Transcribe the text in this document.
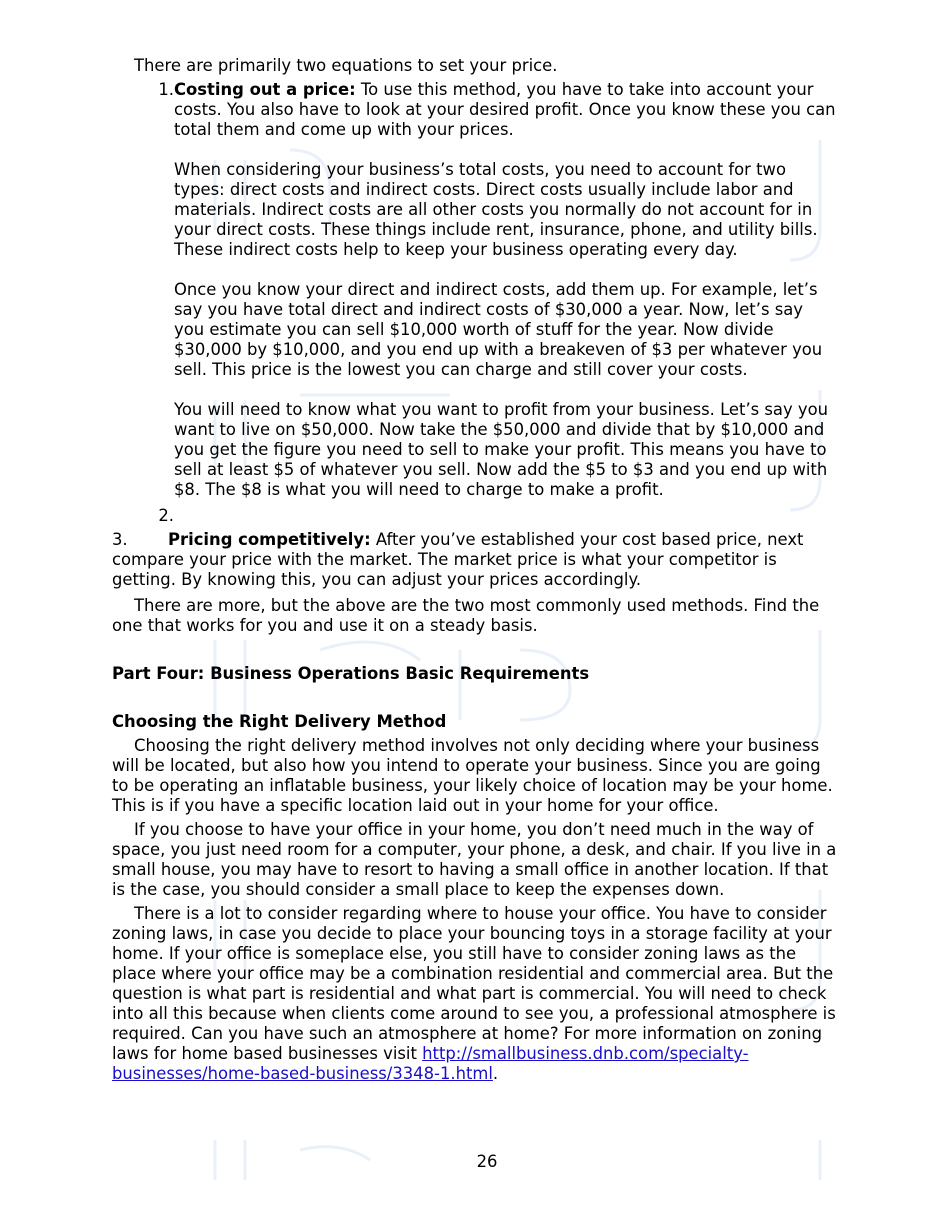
There are primarily two equations to set your price.

1. Costing out a price: To use this method, you have to take into account your costs. You also have to look at your desired profit. Once you know these you can total them and come up with your prices.

When considering your business’s total costs, you need to account for two types: direct costs and indirect costs. Direct costs usually include labor and materials. Indirect costs are all other costs you normally do not account for in your direct costs. These things include rent, insurance, phone, and utility bills. These indirect costs help to keep your business operating every day.

Once you know your direct and indirect costs, add them up. For example, let’s say you have total direct and indirect costs of $30,000 a year. Now, let’s say you estimate you can sell $10,000 worth of stuff for the year. Now divide $30,000 by $10,000, and you end up with a breakeven of $3 per whatever you sell. This price is the lowest you can charge and still cover your costs.

You will need to know what you want to profit from your business. Let’s say you want to live on $50,000. Now take the $50,000 and divide that by $10,000 and you get the figure you need to sell to make your profit. This means you have to sell at least $5 of whatever you sell. Now add the $5 to $3 and you end up with $8. The $8 is what you will need to charge to make a profit.

2.

3. Pricing competitively: After you’ve established your cost based price, next compare your price with the market. The market price is what your competitor is getting. By knowing this, you can adjust your prices accordingly.

There are more, but the above are the two most commonly used methods. Find the one that works for you and use it on a steady basis.

Part Four: Business Operations Basic Requirements
Choosing the Right Delivery Method

Choosing the right delivery method involves not only deciding where your business will be located, but also how you intend to operate your business. Since you are going to be operating an inflatable business, your likely choice of location may be your home. This is if you have a specific location laid out in your home for your office.

If you choose to have your office in your home, you don’t need much in the way of space, you just need room for a computer, your phone, a desk, and chair. If you live in a small house, you may have to resort to having a small office in another location. If that is the case, you should consider a small place to keep the expenses down.

There is a lot to consider regarding where to house your office. You have to consider zoning laws, in case you decide to place your bouncing toys in a storage facility at your home. If your office is someplace else, you still have to consider zoning laws as the place where your office may be a combination residential and commercial area. But the question is what part is residential and what part is commercial. You will need to check into all this because when clients come around to see you, a professional atmosphere is required. Can you have such an atmosphere at home? For more information on zoning laws for home based businesses visit http://smallbusiness.dnb.com/specialty-businesses/home-based-business/3348-1.html.

26
